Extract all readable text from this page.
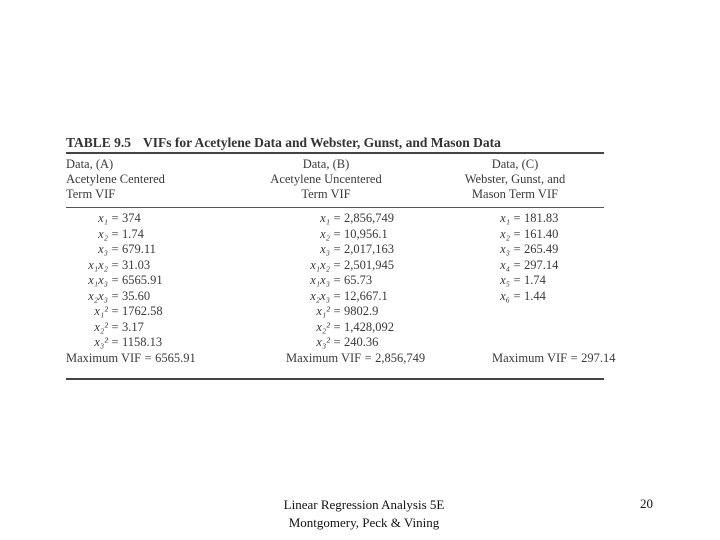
TABLE 9.5 VIFs for Acetylene Data and Webster, Gunst, and Mason Data
Data, (A)
Acetylene Centered
Term VIF
Data, (B)
Acetylene Uncentered
Term VIF
Data, (C)
Webster, Gunst, and
Mason Term VIF
x₁ = 374
x₂ = 1.74
x₃ = 679.11
x₁x₂ = 31.03
x₁x₃ = 6565.91
x₂x₃ = 35.60
x₁² = 1762.58
x₂² = 3.17
x₃² = 1158.13
Maximum VIF = 6565.91
x₁ = 2,856,749
x₂ = 10,956.1
x₃ = 2,017,163
x₁x₂ = 2,501,945
x₁x₃ = 65.73
x₂x₃ = 12,667.1
x₁² = 9802.9
x₂² = 1,428,092
x₃² = 240.36
Maximum VIF = 2,856,749
x₁ = 181.83
x₂ = 161.40
x₃ = 265.49
x₄ = 297.14
x₅ = 1.74
x₆ = 1.44
Maximum VIF = 297.14
Linear Regression Analysis 5E
Montgomery, Peck & Vining
20
